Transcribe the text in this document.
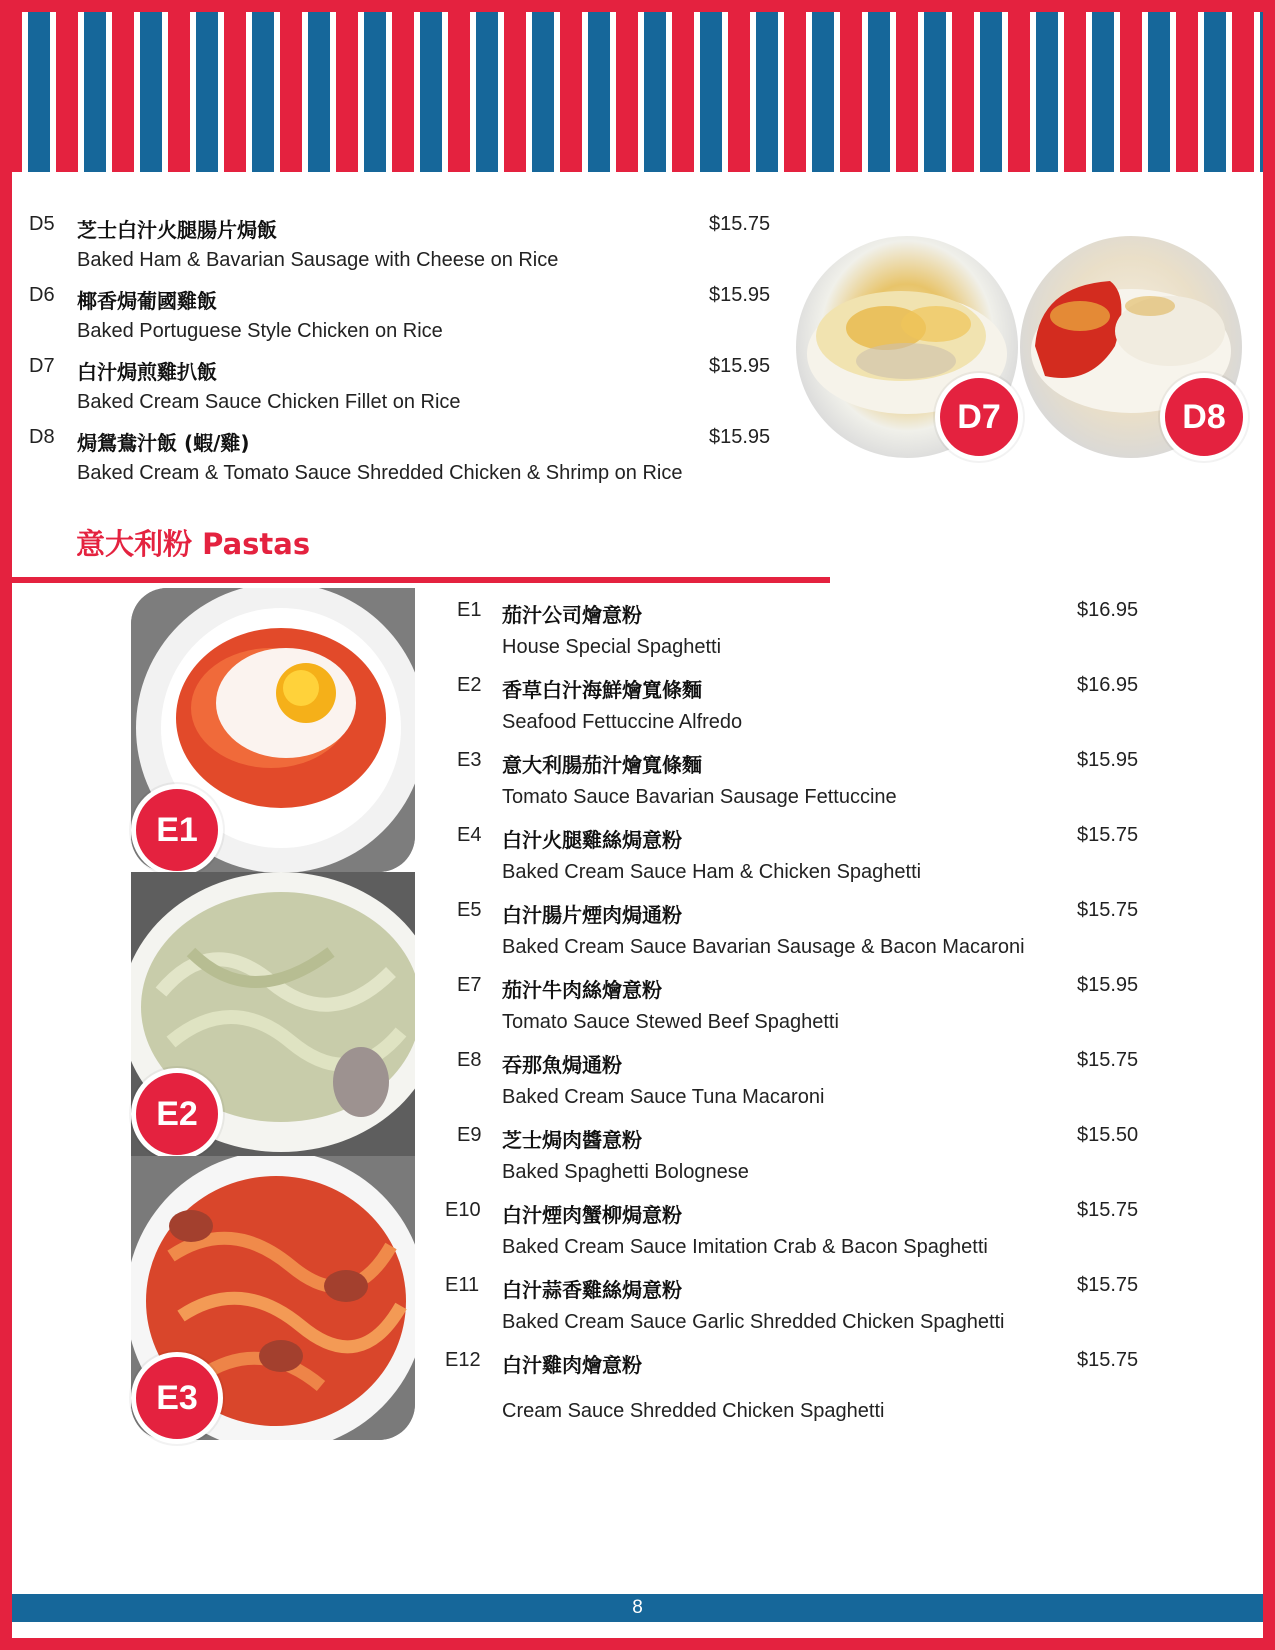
D5 芝士白汁火腿腸片焗飯
Baked Ham & Bavarian Sausage with Cheese on Rice
$15.75
D6 椰香焗葡國雞飯
Baked Portuguese Style Chicken on Rice
$15.95
D7 白汁焗煎雞扒飯
Baked Cream Sauce Chicken Fillet on Rice
$15.95
D8 焗鴛鴦汁飯 (蝦/雞)
Baked Cream & Tomato Sauce Shredded Chicken & Shrimp on Rice
$15.95
D7	D8
意大利粉 Pastas
E1
E2
E3
E1 茄汁公司燴意粉
House Special Spaghetti
$16.95
E2 香草白汁海鮮燴寬條麵
Seafood Fettuccine Alfredo
$16.95
E3 意大利腸茄汁燴寬條麵
Tomato Sauce Bavarian Sausage Fettuccine
$15.95
E4 白汁火腿雞絲焗意粉
Baked Cream Sauce Ham & Chicken Spaghetti
$15.75
E5 白汁腸片煙肉焗通粉
Baked Cream Sauce Bavarian Sausage & Bacon Macaroni
$15.75
E7 茄汁牛肉絲燴意粉
Tomato Sauce Stewed Beef Spaghetti
$15.95
E8 吞那魚焗通粉
Baked Cream Sauce Tuna Macaroni
$15.75
E9 芝士焗肉醬意粉
Baked Spaghetti Bolognese
$15.50
E10 白汁煙肉蟹柳焗意粉
Baked Cream Sauce Imitation Crab & Bacon Spaghetti
$15.75
E11 白汁蒜香雞絲焗意粉
Baked Cream Sauce Garlic Shredded Chicken Spaghetti
$15.75
E12 白汁雞肉燴意粉
Cream Sauce Shredded Chicken Spaghetti
$15.75
8
